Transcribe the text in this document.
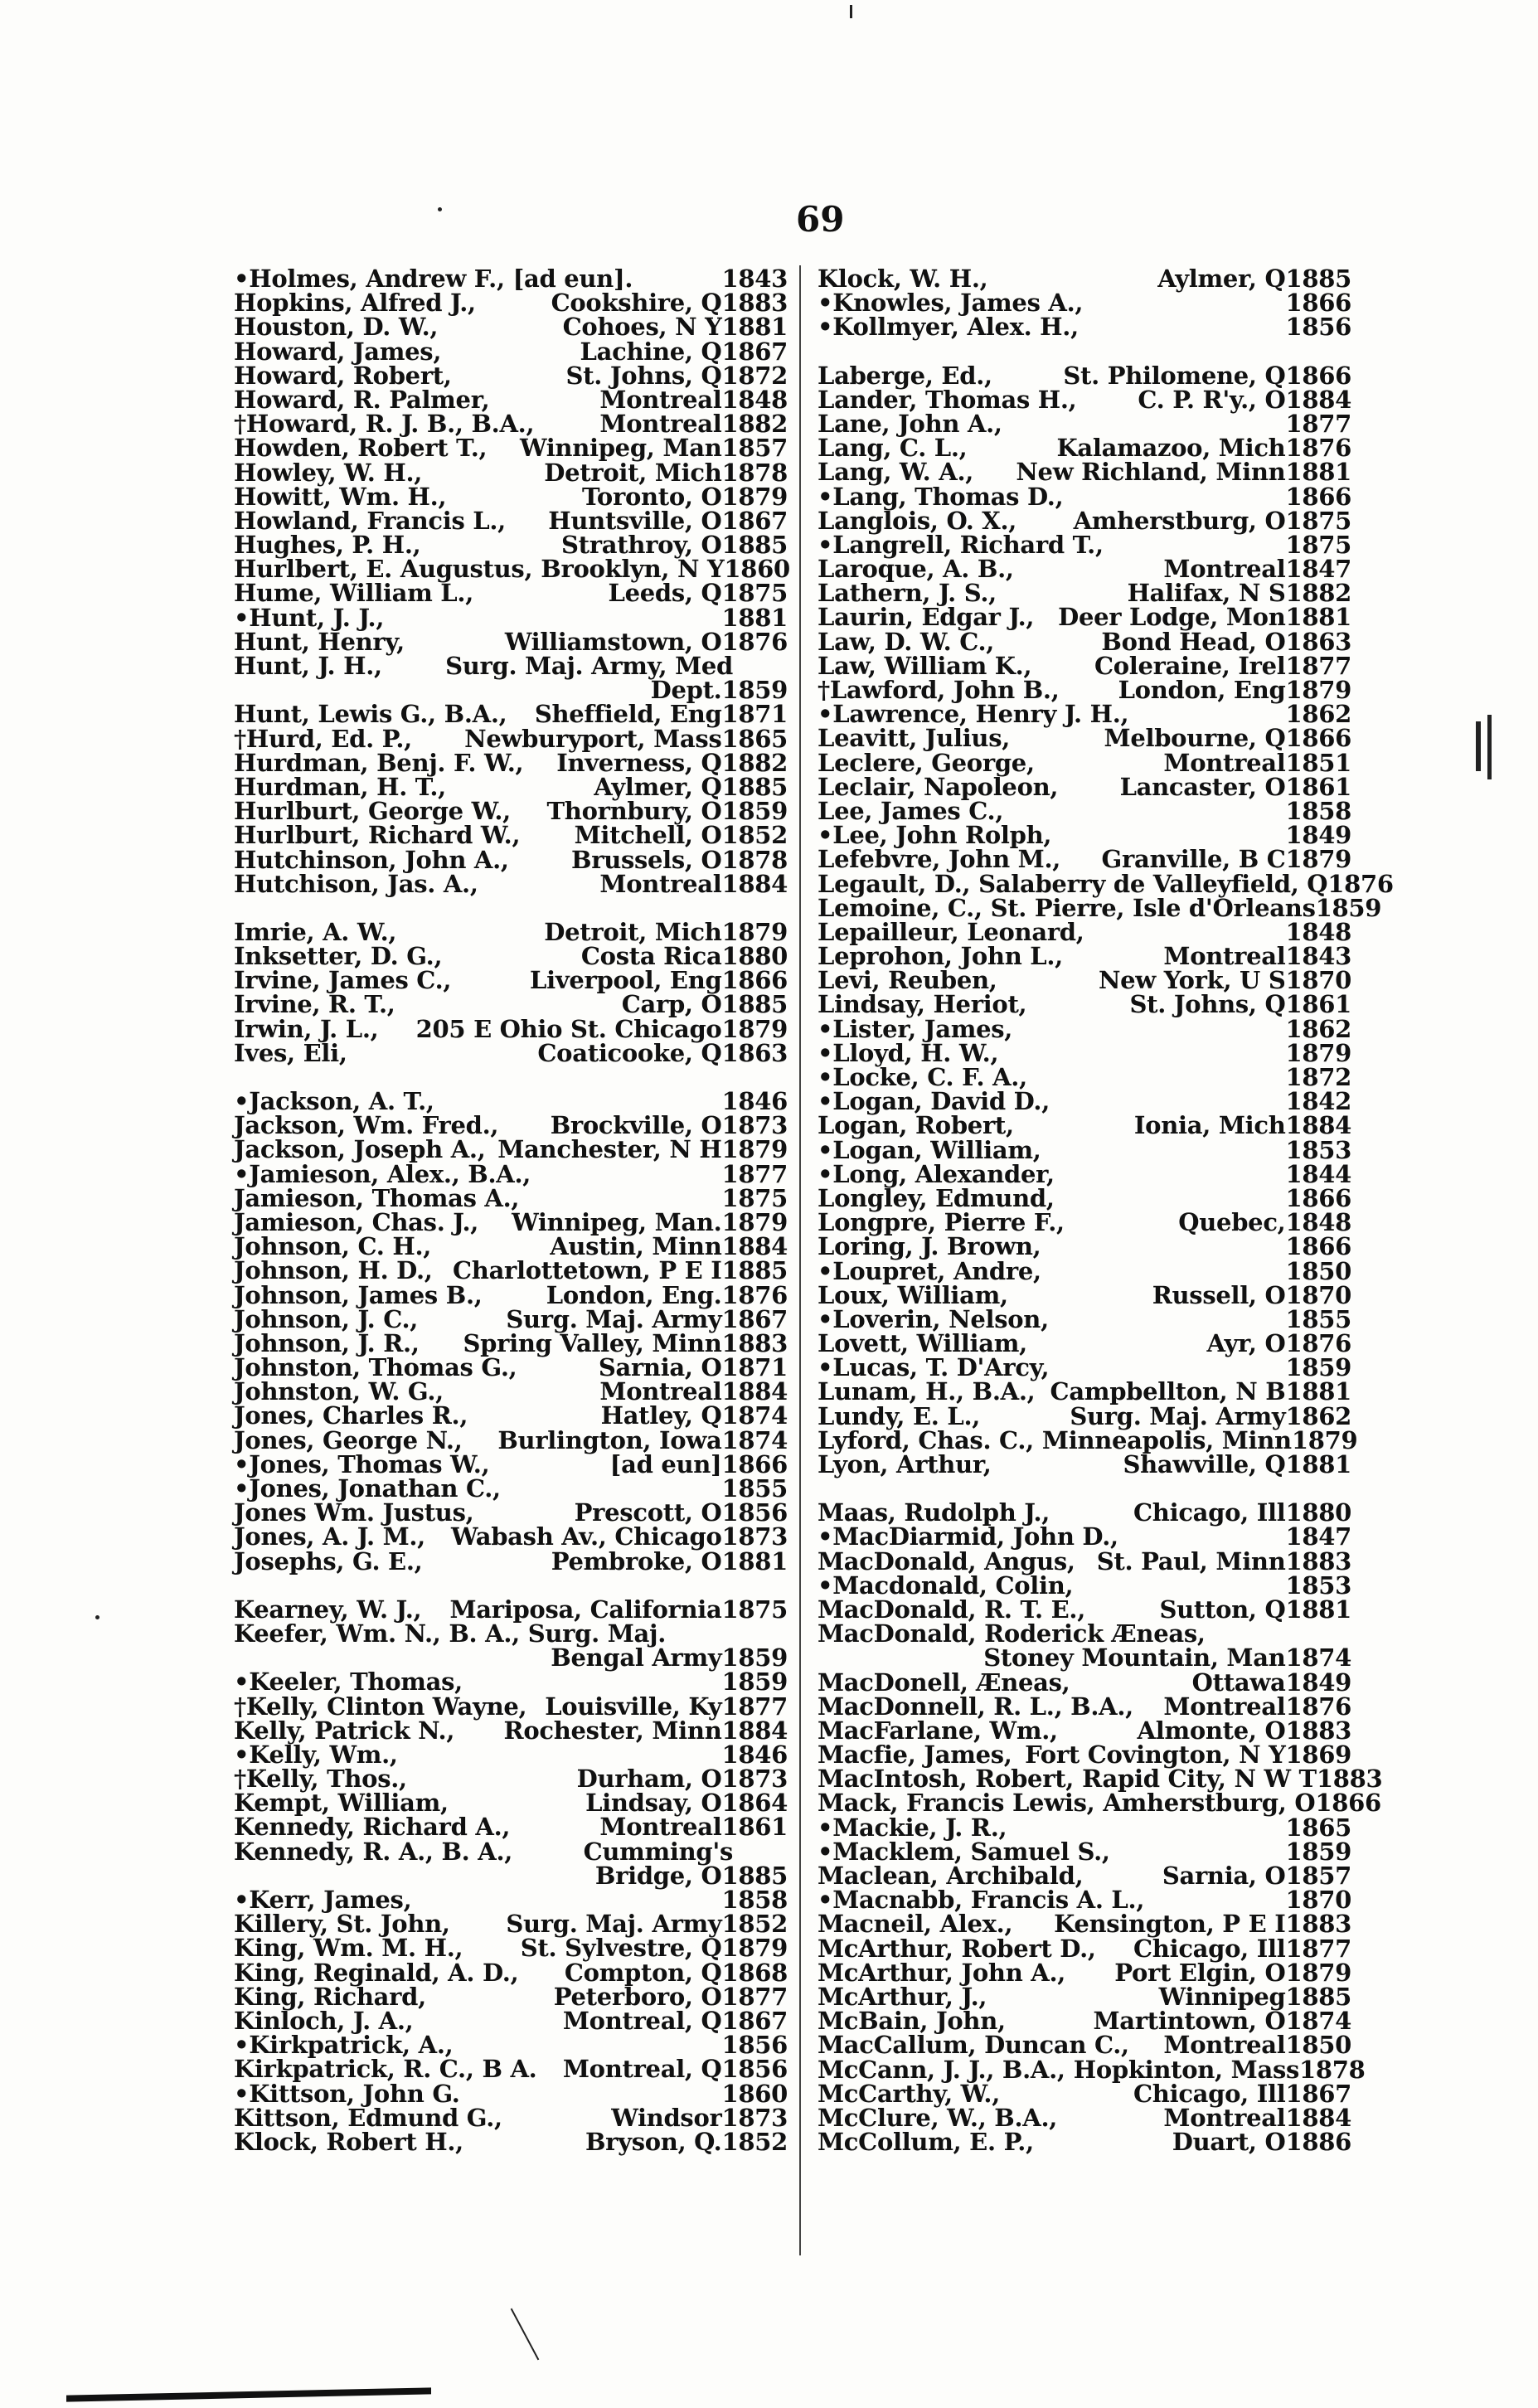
69
•Holmes, Andrew F., [ad eun].	1843
Hopkins, Alfred J.,	Cookshire, Q 1883
Houston, D. W.,	Cohoes, N Y 1881
Howard, James,	Lachine, Q 1867
Howard, Robert,	St. Johns, Q 1872
Howard, R. Palmer,	Montreal 1848
†Howard, R. J. B., B.A.,	Montreal 1882
Howden, Robert T.,	Winnipeg, Man 1857
Howley, W. H.,	Detroit, Mich 1878
Howitt, Wm. H.,	Toronto, O 1879
Howland, Francis L.,	Huntsville, O 1867
Hughes, P. H.,	Strathroy, O 1885
Hurlbert, E. Augustus, Brooklyn, N Y 1860
Hume, William L.,	Leeds, Q 1875
•Hunt, J. J.,	1881
Hunt, Henry,	Williamstown, O 1876
Hunt, J. H.,	Surg. Maj. Army, Med
Dept. 1859
Hunt, Lewis G., B.A.,	Sheffield, Eng 1871
†Hurd, Ed. P.,	Newburyport, Mass 1865
Hurdman, Benj. F. W.,	Inverness, Q 1882
Hurdman, H. T.,	Aylmer, Q 1885
Hurlburt, George W.,	Thornbury, O 1859
Hurlburt, Richard W.,	Mitchell, O 1852
Hutchinson, John A.,	Brussels, O 1878
Hutchison, Jas. A.,	Montreal 1884
Imrie, A. W.,	Detroit, Mich 1879
Inksetter, D. G.,	Costa Rica 1880
Irvine, James C.,	Liverpool, Eng 1866
Irvine, R. T.,	Carp, O 1885
Irwin, J. L.,	205 E Ohio St. Chicago 1879
Ives, Eli,	Coaticooke, Q 1863
•Jackson, A. T.,	1846
Jackson, Wm. Fred.,	Brockville, O 1873
Jackson, Joseph A., Manchester, N H 1879
•Jamieson, Alex., B.A.,	1877
Jamieson, Thomas A.,	1875
Jamieson, Chas. J.,	Winnipeg, Man. 1879
Johnson, C. H.,	Austin, Minn 1884
Johnson, H. D., Charlottetown, P E I 1885
Johnson, James B.,	London, Eng. 1876
Johnson, J. C.,	Surg. Maj. Army 1867
Johnson, J. R.,	Spring Valley, Minn 1883
Johnston, Thomas G.,	Sarnia, O 1871
Johnston, W. G.,	Montreal 1884
Jones, Charles R.,	Hatley, Q 1874
Jones, George N.,	Burlington, Iowa 1874
•Jones, Thomas W.,	[ad eun] 1866
•Jones, Jonathan C.,	1855
Jones Wm. Justus,	Prescott, O 1856
Jones, A. J. M.,	Wabash Av., Chicago 1873
Josephs, G. E.,	Pembroke, O 1881
Kearney, W. J.,	Mariposa, California 1875
Keefer, Wm. N., B. A., Surg. Maj.
Bengal Army 1859
•Keeler, Thomas,	1859
†Kelly, Clinton Wayne, Louisville, Ky 1877
Kelly, Patrick N.,	Rochester, Minn 1884
•Kelly, Wm.,	1846
†Kelly, Thos.,	Durham, O 1873
Kempt, William,	Lindsay, O 1864
Kennedy, Richard A.,	Montreal 1861
Kennedy, R. A., B. A.,	Cumming's
Bridge, O 1885
•Kerr, James,	1858
Killery, St. John,	Surg. Maj. Army 1852
King, Wm. M. H.,	St. Sylvestre, Q 1879
King, Reginald, A. D.,	Compton, Q 1868
King, Richard,	Peterboro, O 1877
Kinloch, J. A.,	Montreal, Q 1867
•Kirkpatrick, A.,	1856
Kirkpatrick, R. C., B A.	Montreal, Q 1856
•Kittson, John G.	1860
Kittson, Edmund G.,	Windsor 1873
Klock, Robert H.,	Bryson, Q. 1852
Klock, W. H.,	Aylmer, Q 1885
•Knowles, James A.,	1866
•Kollmyer, Alex. H.,	1856
Laberge, Ed.,	St. Philomene, Q 1866
Lander, Thomas H.,	C. P. R'y., O 1884
Lane, John A.,	1877
Lang, C. L.,	Kalamazoo, Mich 1876
Lang, W. A.,	New Richland, Minn 1881
•Lang, Thomas D.,	1866
Langlois, O. X.,	Amherstburg, O 1875
•Langrell, Richard T.,	1875
Laroque, A. B.,	Montreal 1847
Lathern, J. S.,	Halifax, N S 1882
Laurin, Edgar J., Deer Lodge, Mon 1881
Law, D. W. C.,	Bond Head, O 1863
Law, William K.,	Coleraine, Irel 1877
†Lawford, John B.,	London, Eng 1879
•Lawrence, Henry J. H.,	1862
Leavitt, Julius,	Melbourne, Q 1866
Leclere, George,	Montreal 1851
Leclair, Napoleon,	Lancaster, O 1861
Lee, James C.,	1858
•Lee, John Rolph,	1849
Lefebvre, John M.,	Granville, B C 1879
Legault, D., Salaberry de Valleyfield, Q 1876
Lemoine, C., St. Pierre, Isle d'Orleans 1859
Lepailleur, Leonard,	1848
Leprohon, John L.,	Montreal 1843
Levi, Reuben,	New York, U S 1870
Lindsay, Heriot,	St. Johns, Q 1861
•Lister, James,	1862
•Lloyd, H. W.,	1879
•Locke, C. F. A.,	1872
•Logan, David D.,	1842
Logan, Robert,	Ionia, Mich 1884
•Logan, William,	1853
•Long, Alexander,	1844
Longley, Edmund,	1866
Longpre, Pierre F.,	Quebec, 1848
Loring, J. Brown,	1866
•Loupret, Andre,	1850
Loux, William,	Russell, O 1870
•Loverin, Nelson,	1855
Lovett, William,	Ayr, O 1876
•Lucas, T. D'Arcy,	1859
Lunam, H., B.A., Campbellton, N B 1881
Lundy, E. L.,	Surg. Maj. Army 1862
Lyford, Chas. C., Minneapolis, Minn 1879
Lyon, Arthur,	Shawville, Q 1881
Maas, Rudolph J.,	Chicago, Ill 1880
•MacDiarmid, John D.,	1847
MacDonald, Angus, St. Paul, Minn 1883
•Macdonald, Colin,	1853
MacDonald, R. T. E.,	Sutton, Q 1881
MacDonald, Roderick Æneas,
Stoney Mountain, Man 1874
MacDonell, Æneas,	Ottawa 1849
MacDonnell, R. L., B.A.,	Montreal 1876
MacFarlane, Wm.,	Almonte, O 1883
Macfie, James, Fort Covington, N Y 1869
MacIntosh, Robert, Rapid City, N W T 1883
Mack, Francis Lewis, Amherstburg, O 1866
•Mackie, J. R.,	1865
•Macklem, Samuel S.,	1859
Maclean, Archibald,	Sarnia, O 1857
•Macnabb, Francis A. L.,	1870
Macneil, Alex.,	Kensington, P E I 1883
McArthur, Robert D.,	Chicago, Ill 1877
McArthur, John A.,	Port Elgin, O 1879
McArthur, J.,	Winnipeg 1885
McBain, John,	Martintown, O 1874
MacCallum, Duncan C.,	Montreal 1850
McCann, J. J., B.A., Hopkinton, Mass 1878
McCarthy, W.,	Chicago, Ill 1867
McClure, W., B.A.,	Montreal 1884
McCollum, E. P.,	Duart, O 1886
